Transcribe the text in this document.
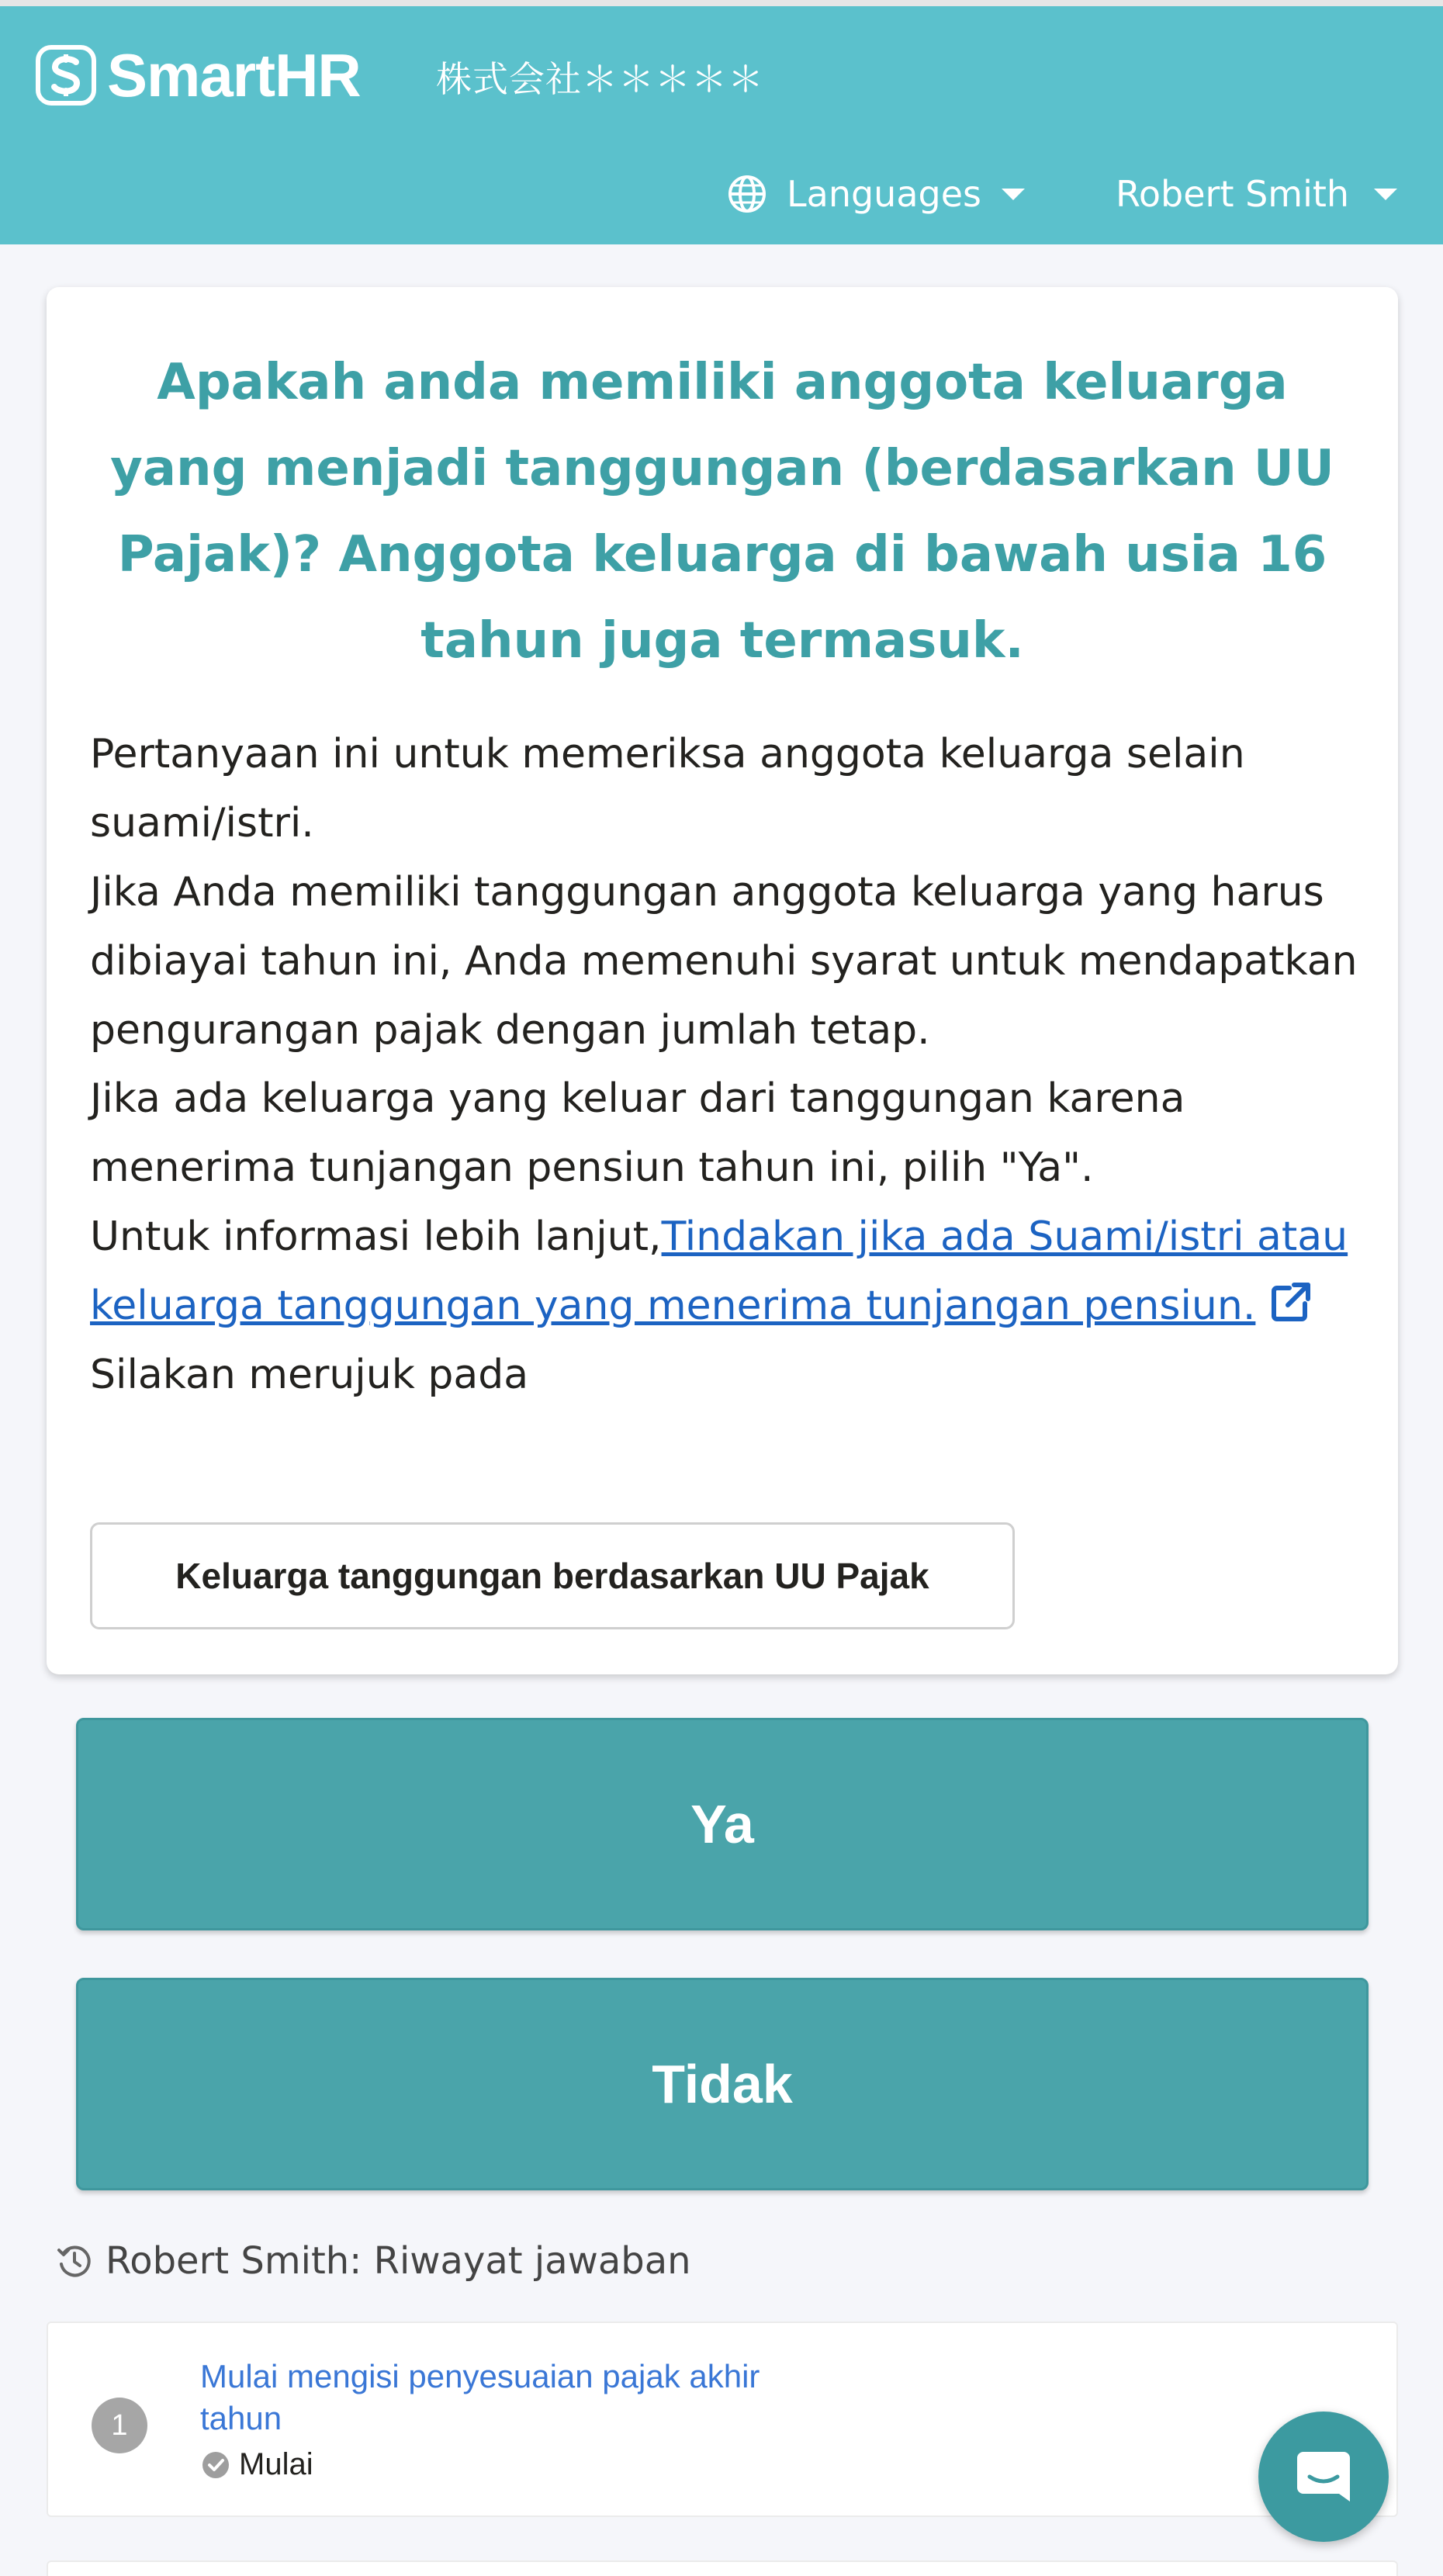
SmartHR 株式会社＊＊＊＊＊
Languages	Robert Smith
Apakah anda memiliki anggota keluarga yang menjadi tanggungan (berdasarkan UU Pajak)? Anggota keluarga di bawah usia 16 tahun juga termasuk.
Pertanyaan ini untuk memeriksa anggota keluarga selain suami/istri.
Jika Anda memiliki tanggungan anggota keluarga yang harus dibiayai tahun ini, Anda memenuhi syarat untuk mendapatkan pengurangan pajak dengan jumlah tetap.
Jika ada keluarga yang keluar dari tanggungan karena menerima tunjangan pensiun tahun ini, pilih "Ya".
Untuk informasi lebih lanjut,Tindakan jika ada Suami/istri atau keluarga tanggungan yang menerima tunjangan pensiun.
Silakan merujuk pada
Keluarga tanggungan berdasarkan UU Pajak
Ya
Tidak
Robert Smith: Riwayat jawaban
1
Mulai mengisi penyesuaian pajak akhir tahun
Mulai
